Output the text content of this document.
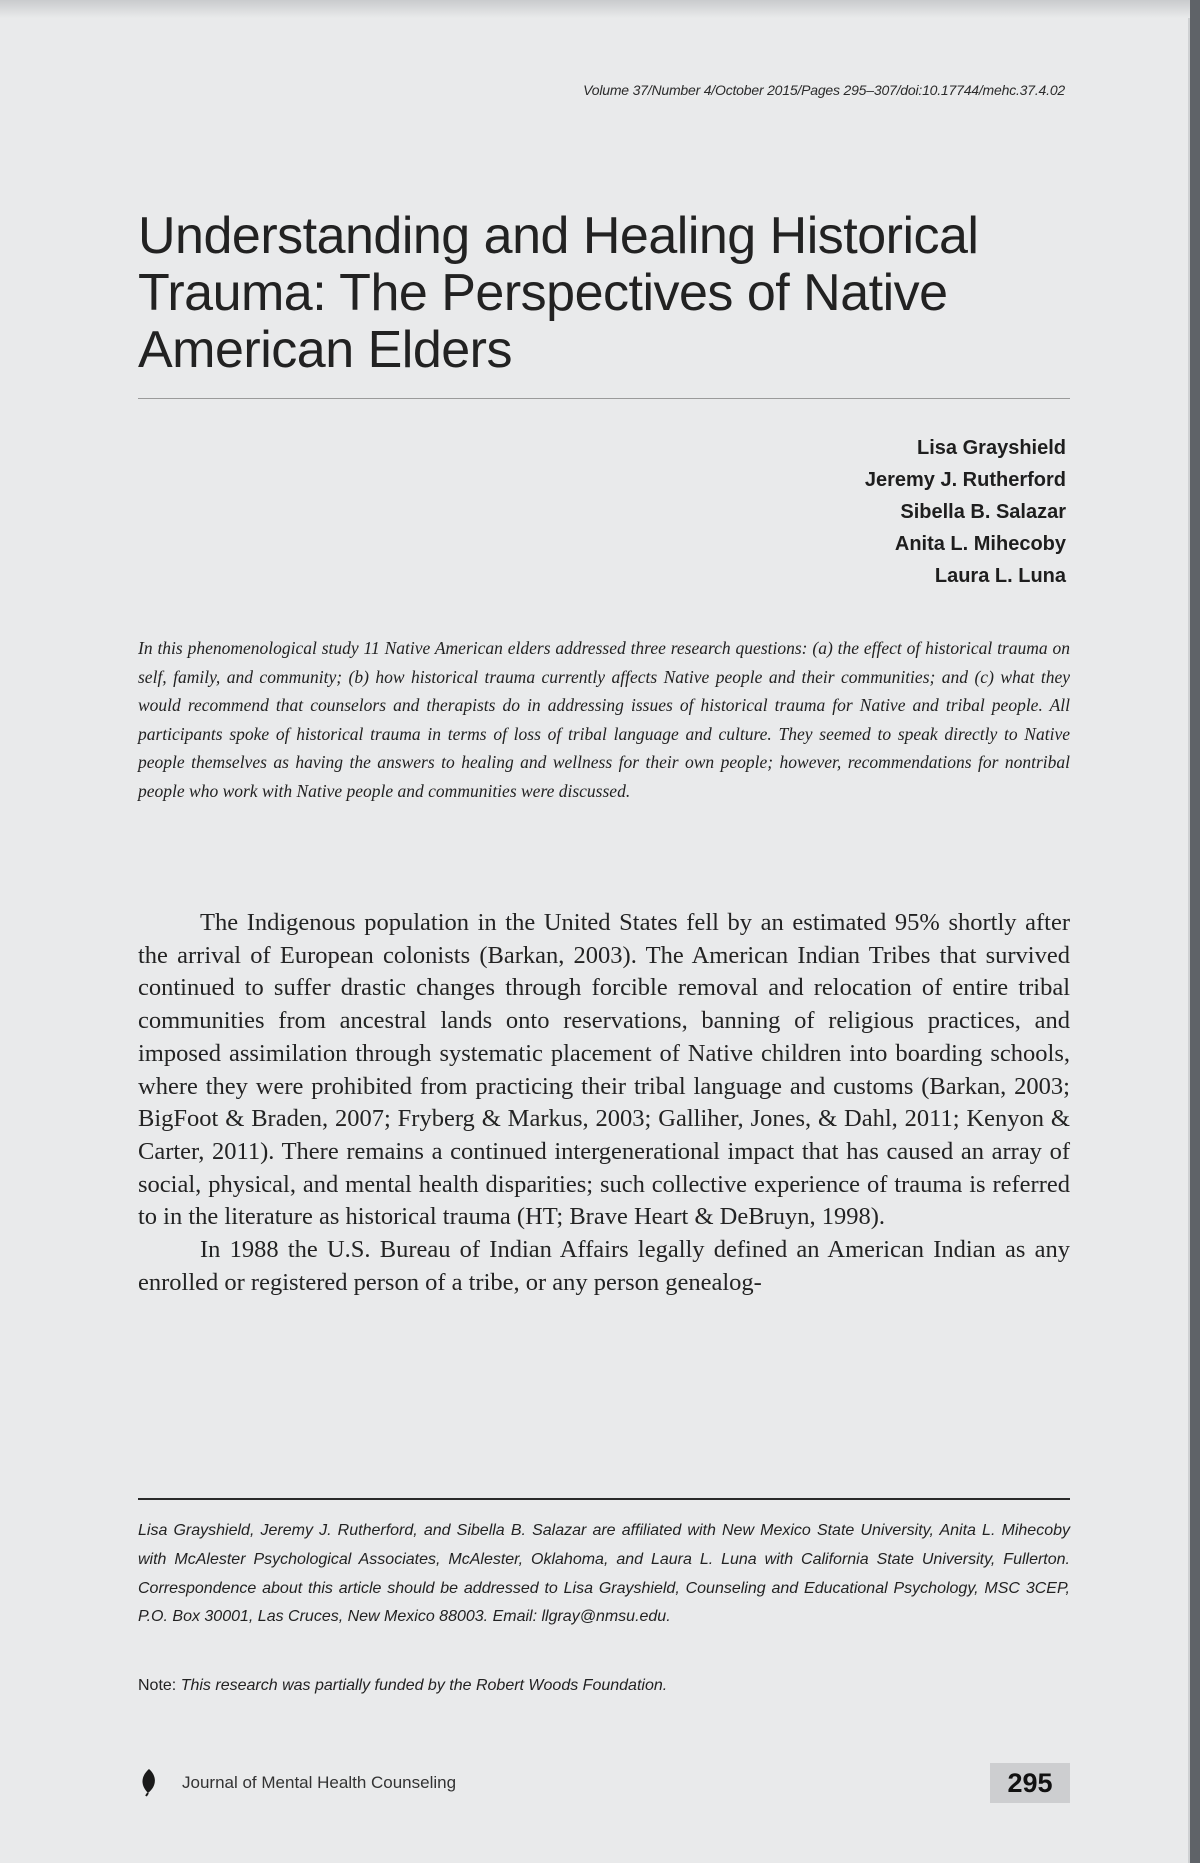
Volume 37/Number 4/October 2015/Pages 295–307/doi:10.17744/mehc.37.4.02
Understanding and Healing Historical Trauma: The Perspectives of Native American Elders
Lisa Grayshield
Jeremy J. Rutherford
Sibella B. Salazar
Anita L. Mihecoby
Laura L. Luna

In this phenomenological study 11 Native American elders addressed three research questions: (a) the effect of historical trauma on self, family, and community; (b) how historical trauma currently affects Native people and their communities; and (c) what they would recommend that counselors and therapists do in addressing issues of historical trauma for Native and tribal people. All participants spoke of historical trauma in terms of loss of tribal language and culture. They seemed to speak directly to Native people themselves as having the answers to healing and wellness for their own people; however, recommendations for nontribal people who work with Native people and communities were discussed.

The Indigenous population in the United States fell by an estimated 95% shortly after the arrival of European colonists (Barkan, 2003). The American Indian Tribes that survived continued to suffer drastic changes through forcible removal and relocation of entire tribal communities from ancestral lands onto reservations, banning of religious practices, and imposed assimilation through systematic placement of Native children into boarding schools, where they were prohibited from practicing their tribal language and customs (Barkan, 2003; BigFoot & Braden, 2007; Fryberg & Markus, 2003; Galliher, Jones, & Dahl, 2011; Kenyon & Carter, 2011). There remains a continued intergenerational impact that has caused an array of social, physical, and mental health disparities; such collective experience of trauma is referred to in the literature as historical trauma (HT; Brave Heart & DeBruyn, 1998).

In 1988 the U.S. Bureau of Indian Affairs legally defined an American Indian as any enrolled or registered person of a tribe, or any person genealog-

Lisa Grayshield, Jeremy J. Rutherford, and Sibella B. Salazar are affiliated with New Mexico State University, Anita L. Mihecoby with McAlester Psychological Associates, McAlester, Oklahoma, and Laura L. Luna with California State University, Fullerton. Correspondence about this article should be addressed to Lisa Grayshield, Counseling and Educational Psychology, MSC 3CEP, P.O. Box 30001, Las Cruces, New Mexico 88003. Email: llgray@nmsu.edu.

Note: This research was partially funded by the Robert Woods Foundation.

Journal of Mental Health Counseling	295
